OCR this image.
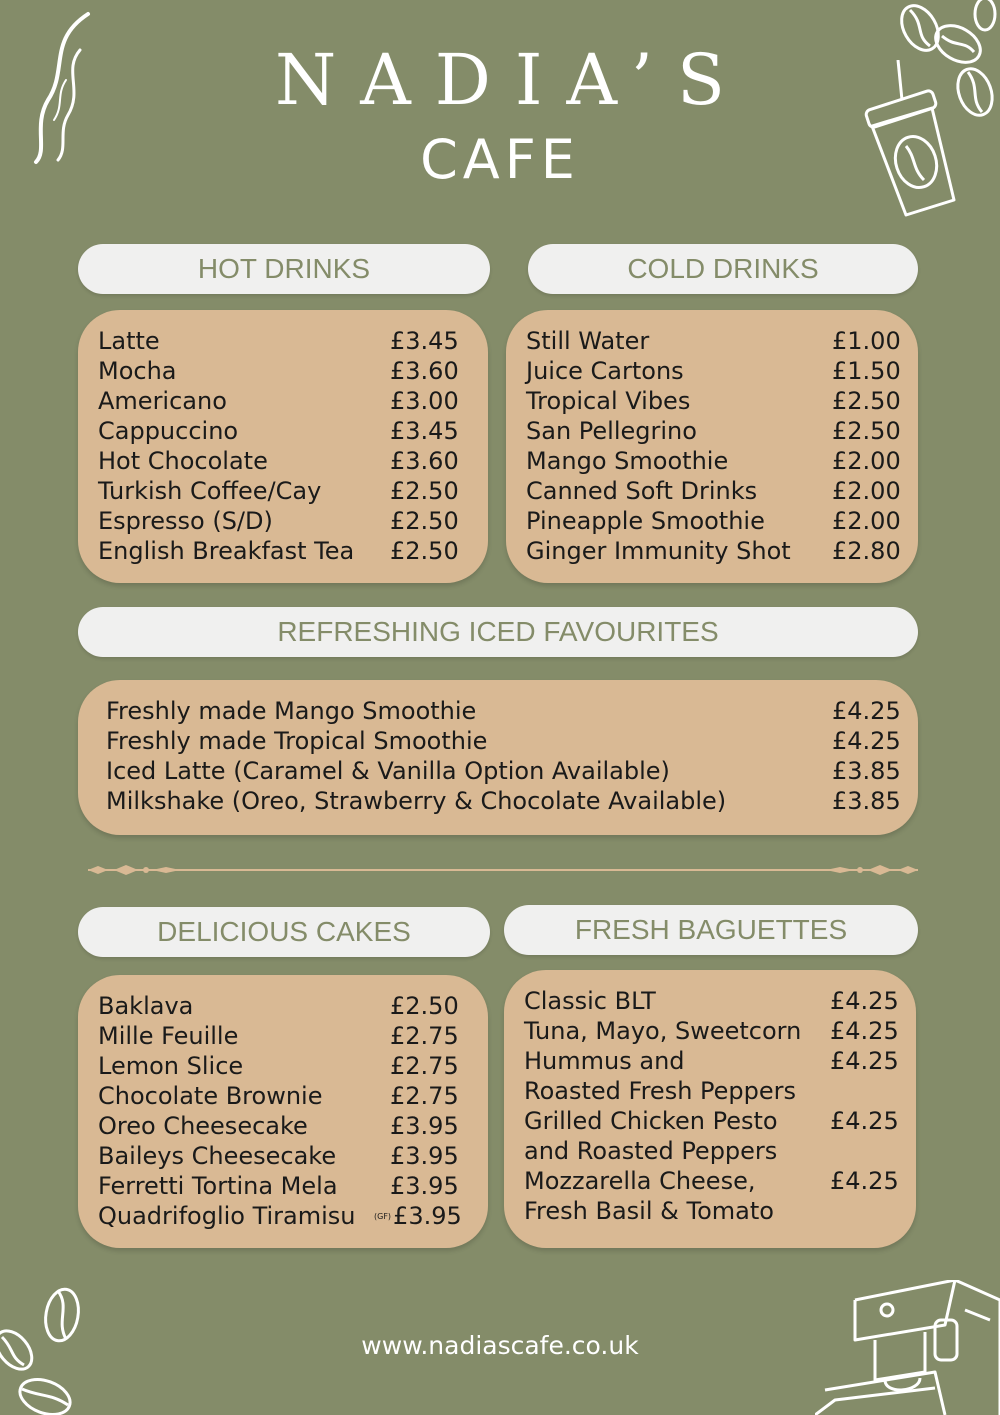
NADIA’S
CAFE
HOT DRINKS
Latte	£3.45
Mocha	£3.60
Americano	£3.00
Cappuccino	£3.45
Hot Chocolate	£3.60
Turkish Coffee/Cay	£2.50
Espresso (S/D)	£2.50
English Breakfast Tea £2.50
COLD DRINKS
Still Water	£1.00
Juice Cartons	£1.50
Tropical Vibes	£2.50
San Pellegrino	£2.50
Mango Smoothie	£2.00
Canned Soft Drinks	£2.00
Pineapple Smoothie	£2.00
Ginger Immunity Shot £2.80
REFRESHING ICED FAVOURITES
Freshly made Mango Smoothie	£4.25
Freshly made Tropical Smoothie	£4.25
Iced Latte (Caramel & Vanilla Option Available)	£3.85
Milkshake (Oreo, Strawberry & Chocolate Available)	£3.85
DELICIOUS CAKES
Baklava	£2.50
Mille Feuille	£2.75
Lemon Slice	£2.75
Chocolate Brownie	£2.75
Oreo Cheesecake	£3.95
Baileys Cheesecake £3.95
Ferretti Tortina Mela £3.95
Quadrifoglio Tiramisu (GF)£3.95
FRESH BAGUETTES
Classic BLT	£4.25
Tuna, Mayo, Sweetcorn £4.25
Hummus and	£4.25
Roasted Fresh Peppers
Grilled Chicken Pesto £4.25
and Roasted Peppers
Mozzarella Cheese,	£4.25
Fresh Basil & Tomato
www.nadiascafe.co.uk
